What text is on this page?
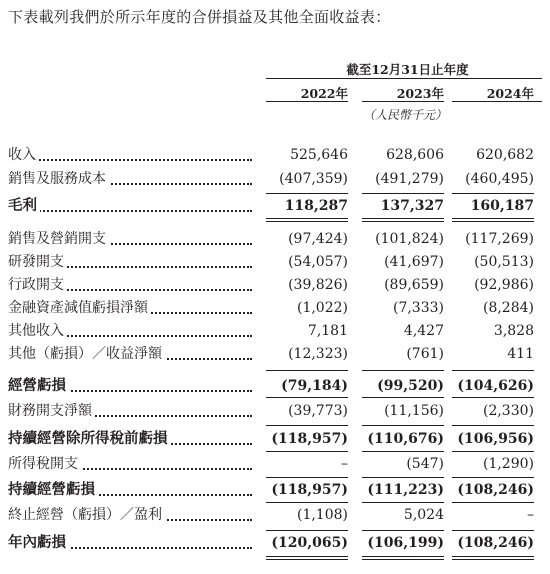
下表載列我們於所示年度的合併損益及其他全面收益表：
截至12月31日止年度
2022年	2023年	2024年
（人民幣千元）
收入	525,646	628,606	620,682
銷售及服務成本	(407,359)	(491,279)	(460,495)
毛利	118,287	137,327	160,187
銷售及營銷開支	(97,424)	(101,824)	(117,269)
研發開支	(54,057)	(41,697)	(50,513)
行政開支	(39,826)	(89,659)	(92,986)
金融資產減值虧損淨額	(1,022)	(7,333)	(8,284)
其他收入	7,181	4,427	3,828
其他（虧損）／收益淨額	(12,323)	(761)	411
經營虧損	(79,184)	(99,520) (104,626)
財務開支淨額	(39,773)	(11,156)	(2,330)
持續經營除所得稅前虧損	(118,957)	(110,676) (106,956)
所得稅開支	–	(547)	(1,290)
持續經營虧損	(118,957)	(111,223) (108,246)
終止經營（虧損）／盈利	(1,108)	5,024	–
年內虧損	(120,065)	(106,199) (108,246)
